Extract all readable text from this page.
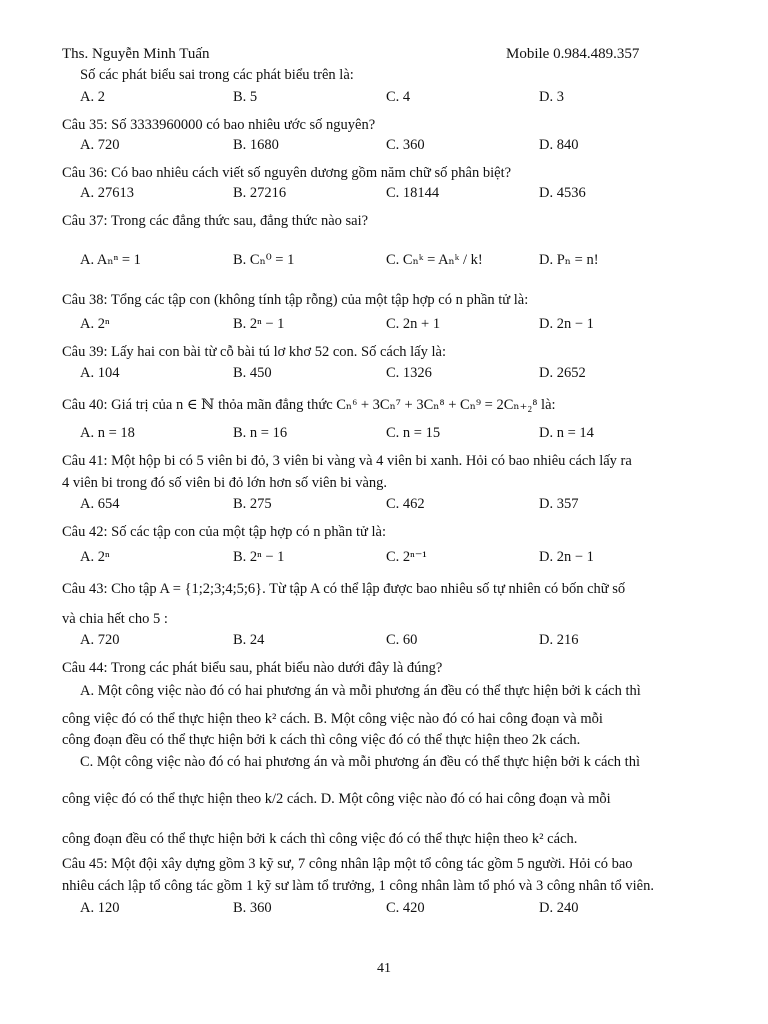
Ths. Nguyễn Minh Tuấn	Mobile 0.984.489.357
Số các phát biểu sai trong các phát biểu trên là:
A. 2	B. 5	C. 4	D. 3
Câu 35: Số 3333960000 có bao nhiêu ước số nguyên?
A. 720	B. 1680	C. 360	D. 840
Câu 36: Có bao nhiêu cách viết số nguyên dương gồm năm chữ số phân biệt?
A. 27613	B. 27216	C. 18144	D. 4536
Câu 37: Trong các đẳng thức sau, đẳng thức nào sai?
A. Aₙⁿ = 1	B. Cₙ⁰ = 1	C. Cₙᵏ = Aₙᵏ / k!	D. Pₙ = n!
Câu 38: Tổng các tập con (không tính tập rỗng) của một tập hợp có n phần tử là:
A. 2ⁿ	B. 2ⁿ − 1	C. 2n + 1	D. 2n − 1
Câu 39: Lấy hai con bài từ cỗ bài tú lơ khơ 52 con. Số cách lấy là:
A. 104	B. 450	C. 1326	D. 2652
Câu 40: Giá trị của n ∈ ℕ thỏa mãn đẳng thức Cₙ⁶ + 3Cₙ⁷ + 3Cₙ⁸ + Cₙ⁹ = 2Cₙ₊₂⁸ là:
A. n = 18	B. n = 16	C. n = 15	D. n = 14
Câu 41: Một hộp bi có 5 viên bi đỏ, 3 viên bi vàng và 4 viên bi xanh. Hỏi có bao nhiêu cách lấy ra
4 viên bi trong đó số viên bi đỏ lớn hơn số viên bi vàng.
A. 654	B. 275	C. 462	D. 357
Câu 42: Số các tập con của một tập hợp có n phần tử là:
A. 2ⁿ	B. 2ⁿ − 1	C. 2ⁿ⁻¹	D. 2n − 1
Câu 43: Cho tập A = {1;2;3;4;5;6}. Từ tập A có thể lập được bao nhiêu số tự nhiên có bốn chữ số
và chia hết cho 5 :
A. 720	B. 24	C. 60	D. 216
Câu 44: Trong các phát biểu sau, phát biểu nào dưới đây là đúng?
A. Một công việc nào đó có hai phương án và mỗi phương án đều có thể thực hiện bởi k cách thì
công việc đó có thể thực hiện theo k² cách. B. Một công việc nào đó có hai công đoạn và mỗi
công đoạn đều có thể thực hiện bởi k cách thì công việc đó có thể thực hiện theo 2k cách.
C. Một công việc nào đó có hai phương án và mỗi phương án đều có thể thực hiện bởi k cách thì
công việc đó có thể thực hiện theo k/2 cách. D. Một công việc nào đó có hai công đoạn và mỗi
công đoạn đều có thể thực hiện bởi k cách thì công việc đó có thể thực hiện theo k² cách.
Câu 45: Một đội xây dựng gồm 3 kỹ sư, 7 công nhân lập một tổ công tác gồm 5 người. Hỏi có bao
nhiêu cách lập tổ công tác gồm 1 kỹ sư làm tổ trưởng, 1 công nhân làm tổ phó và 3 công nhân tổ viên.
A. 120	B. 360	C. 420	D. 240
41
